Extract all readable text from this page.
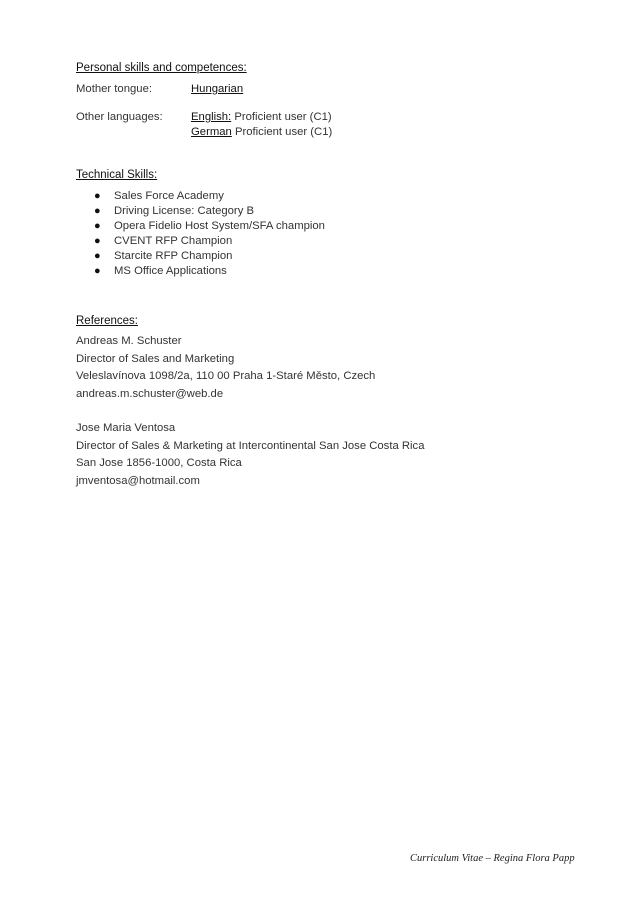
Personal skills and competences:
Mother tongue:	Hungarian
Other languages:	English: Proficient user (C1)
German Proficient user (C1)
Technical Skills:
● Sales Force Academy
● Driving License: Category B
● Opera Fidelio Host System/SFA champion
● CVENT RFP Champion
● Starcite RFP Champion
● MS Office Applications
References:
Andreas M. Schuster
Director of Sales and Marketing
Veleslavínova 1098/2a, 110 00 Praha 1-Staré Město, Czech
andreas.m.schuster@web.de
Jose Maria Ventosa
Director of Sales & Marketing at Intercontinental San Jose Costa Rica
San Jose 1856-1000, Costa Rica
jmventosa@hotmail.com
Curriculum Vitae – Regina Flora Papp
